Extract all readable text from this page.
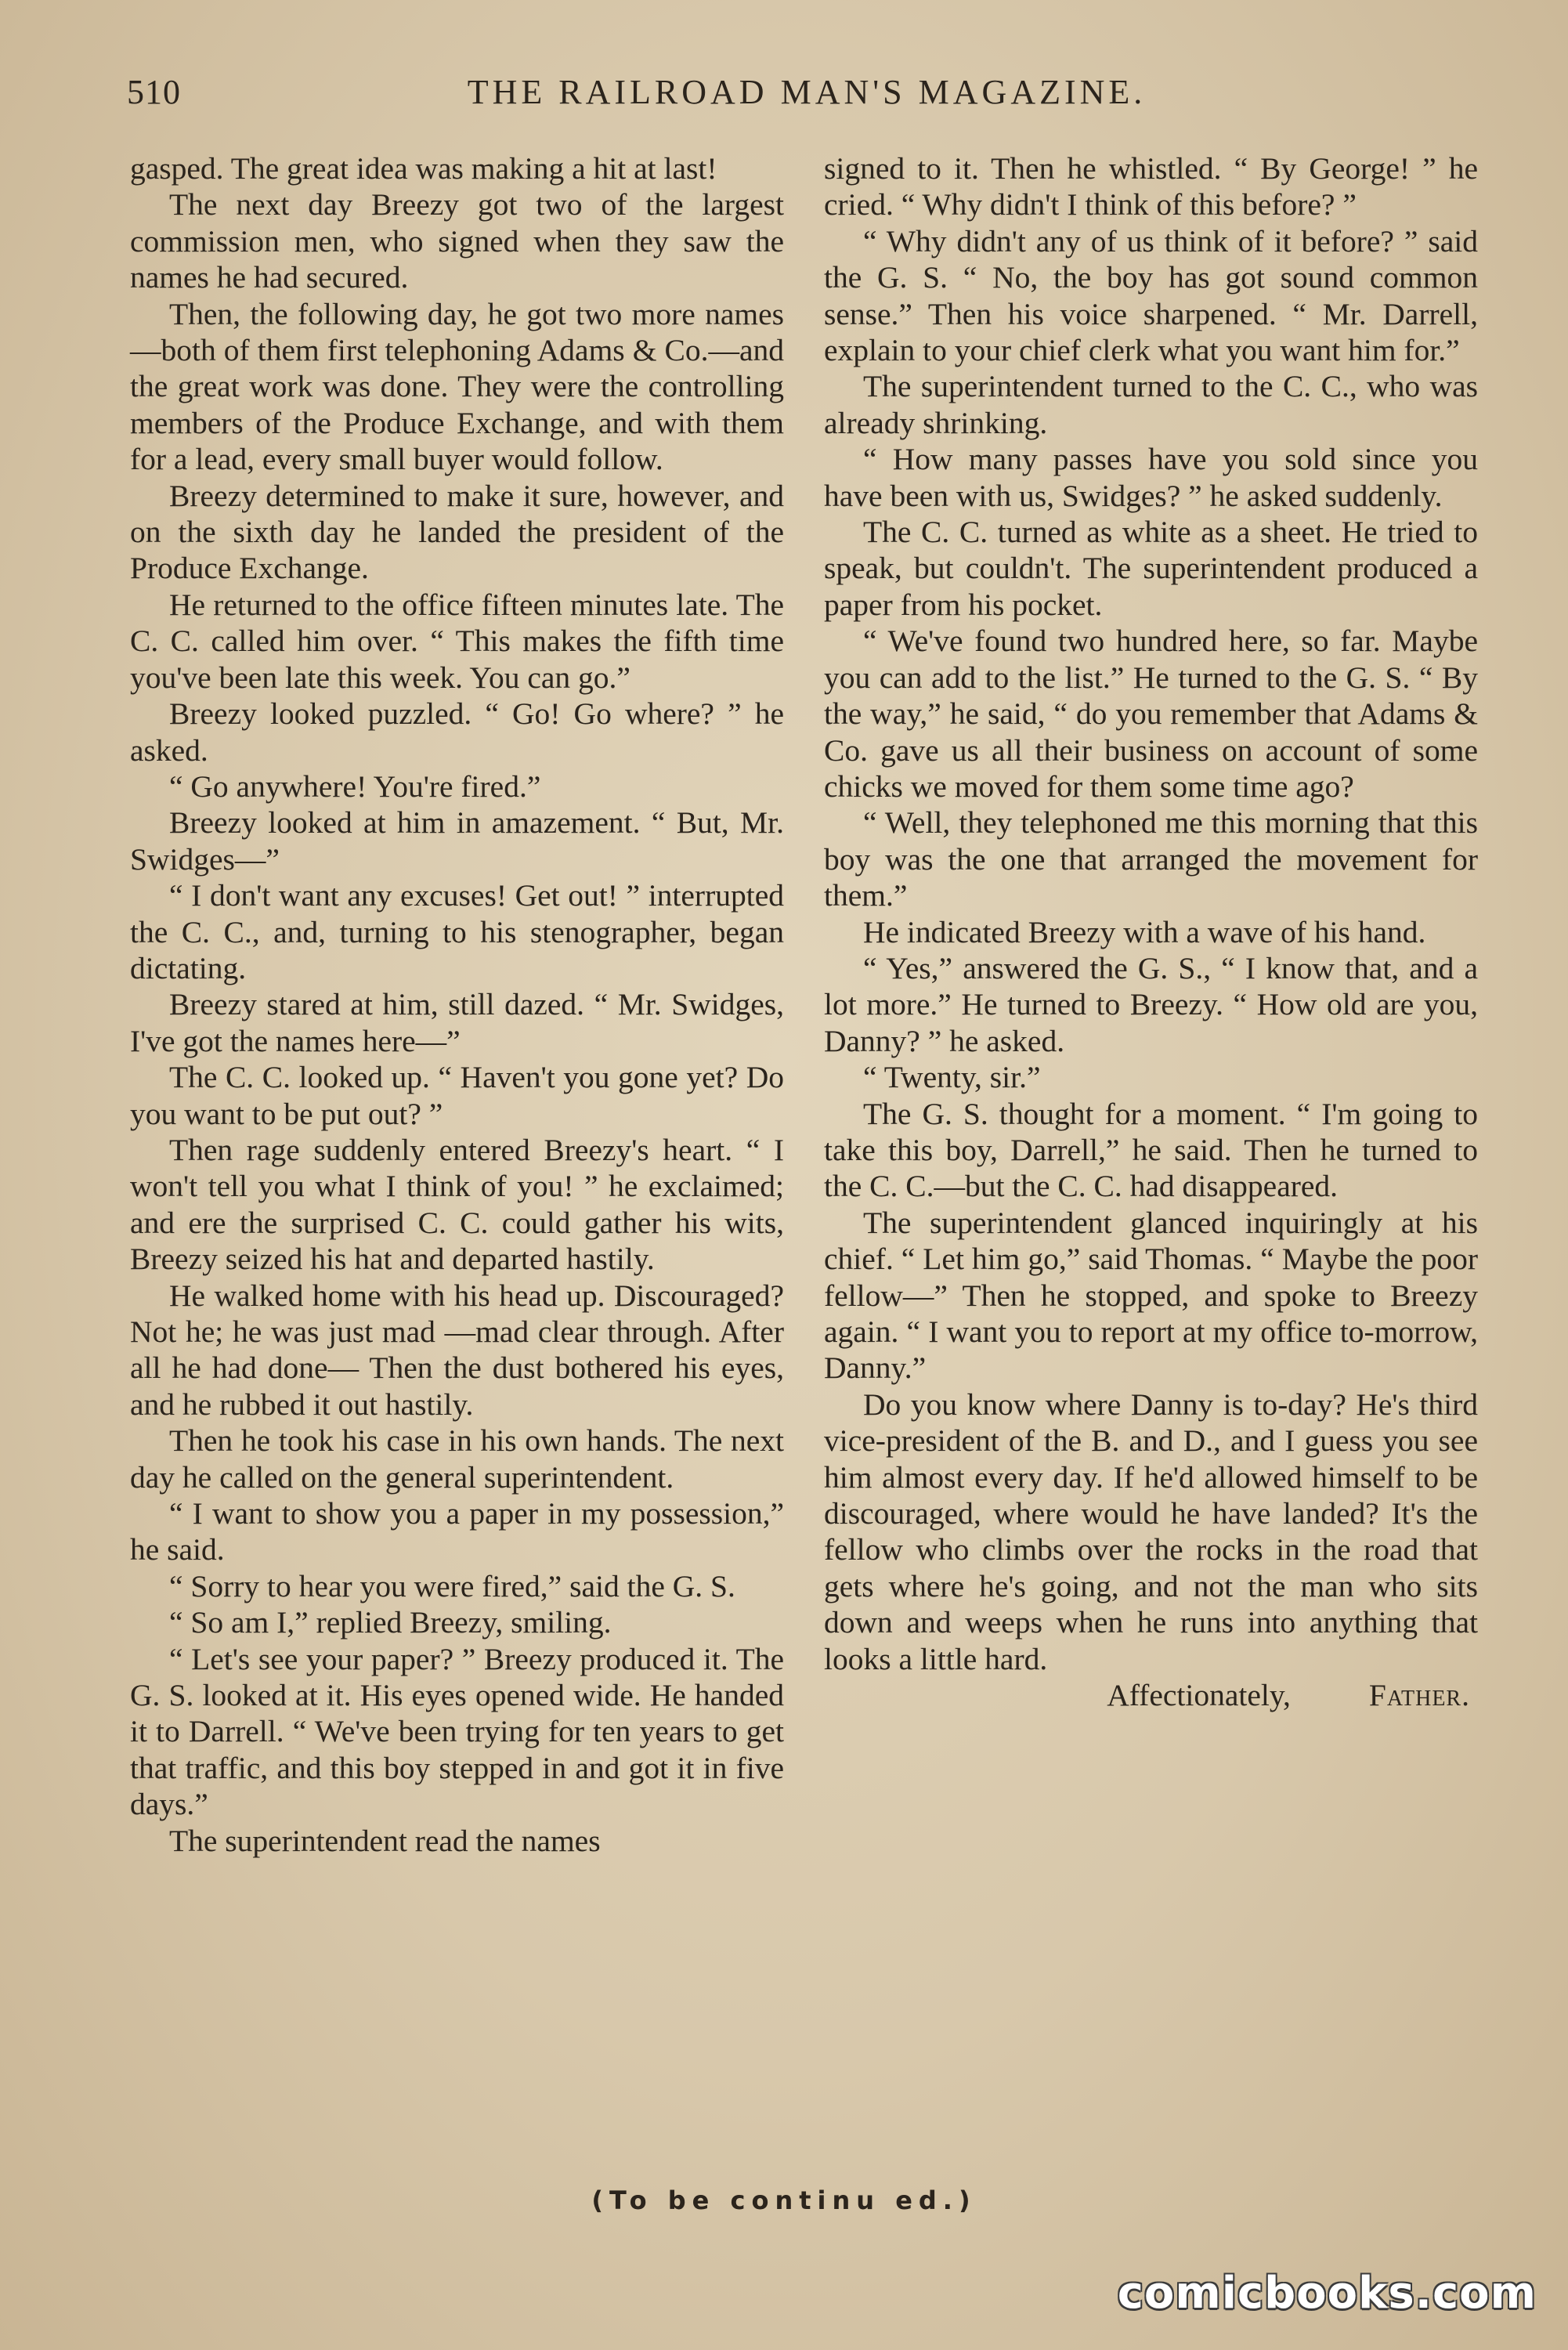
510	THE RAILROAD MAN'S MAGAZINE.

gasped. The great idea was making a hit at last!

The next day Breezy got two of the largest commission men, who signed when they saw the names he had secured.

Then, the following day, he got two more names—both of them first telephoning Adams & Co.—and the great work was done. They were the controlling members of the Produce Exchange, and with them for a lead, every small buyer would follow.

Breezy determined to make it sure, however, and on the sixth day he landed the president of the Produce Exchange.

He returned to the office fifteen minutes late. The C. C. called him over. “ This makes the fifth time you've been late this week. You can go.”

Breezy looked puzzled. “ Go! Go where? ” he asked.

“ Go anywhere! You're fired.”

Breezy looked at him in amazement. “ But, Mr. Swidges—”

“ I don't want any excuses! Get out! ” interrupted the C. C., and, turning to his stenographer, began dictating.

Breezy stared at him, still dazed. “ Mr. Swidges, I've got the names here—”

The C. C. looked up. “ Haven't you gone yet? Do you want to be put out? ”

Then rage suddenly entered Breezy's heart. “ I won't tell you what I think of you! ” he exclaimed; and ere the surprised C. C. could gather his wits, Breezy seized his hat and departed hastily.

He walked home with his head up. Discouraged? Not he; he was just mad —mad clear through. After all he had done— Then the dust bothered his eyes, and he rubbed it out hastily.

Then he took his case in his own hands. The next day he called on the general superintendent.

“ I want to show you a paper in my possession,” he said.

“ Sorry to hear you were fired,” said the G. S.

“ So am I,” replied Breezy, smiling.

“ Let's see your paper? ” Breezy produced it. The G. S. looked at it. His eyes opened wide. He handed it to Darrell. “ We've been trying for ten years to get that traffic, and this boy stepped in and got it in five days.”

The superintendent read the names

signed to it. Then he whistled. “ By George! ” he cried. “ Why didn't I think of this before? ”

“ Why didn't any of us think of it before? ” said the G. S. “ No, the boy has got sound common sense.” Then his voice sharpened. “ Mr. Darrell, explain to your chief clerk what you want him for.”

The superintendent turned to the C. C., who was already shrinking.

“ How many passes have you sold since you have been with us, Swidges? ” he asked suddenly.

The C. C. turned as white as a sheet. He tried to speak, but couldn't. The superintendent produced a paper from his pocket.

“ We've found two hundred here, so far. Maybe you can add to the list.” He turned to the G. S. “ By the way,” he said, “ do you remember that Adams & Co. gave us all their business on account of some chicks we moved for them some time ago?

“ Well, they telephoned me this morning that this boy was the one that arranged the movement for them.”

He indicated Breezy with a wave of his hand.

“ Yes,” answered the G. S., “ I know that, and a lot more.” He turned to Breezy. “ How old are you, Danny? ” he asked.

“ Twenty, sir.”

The G. S. thought for a moment. “ I'm going to take this boy, Darrell,” he said. Then he turned to the C. C.—but the C. C. had disappeared.

The superintendent glanced inquiringly at his chief. “ Let him go,” said Thomas. “ Maybe the poor fellow—” Then he stopped, and spoke to Breezy again. “ I want you to report at my office to-morrow, Danny.”

Do you know where Danny is to-day? He's third vice-president of the B. and D., and I guess you see him almost every day. If he'd allowed himself to be discouraged, where would he have landed? It's the fellow who climbs over the rocks in the road that gets where he's going, and not the man who sits down and weeps when he runs into anything that looks a little hard.

Affectionately,	Father.
(To be continu ed.)
comicbooks.com
